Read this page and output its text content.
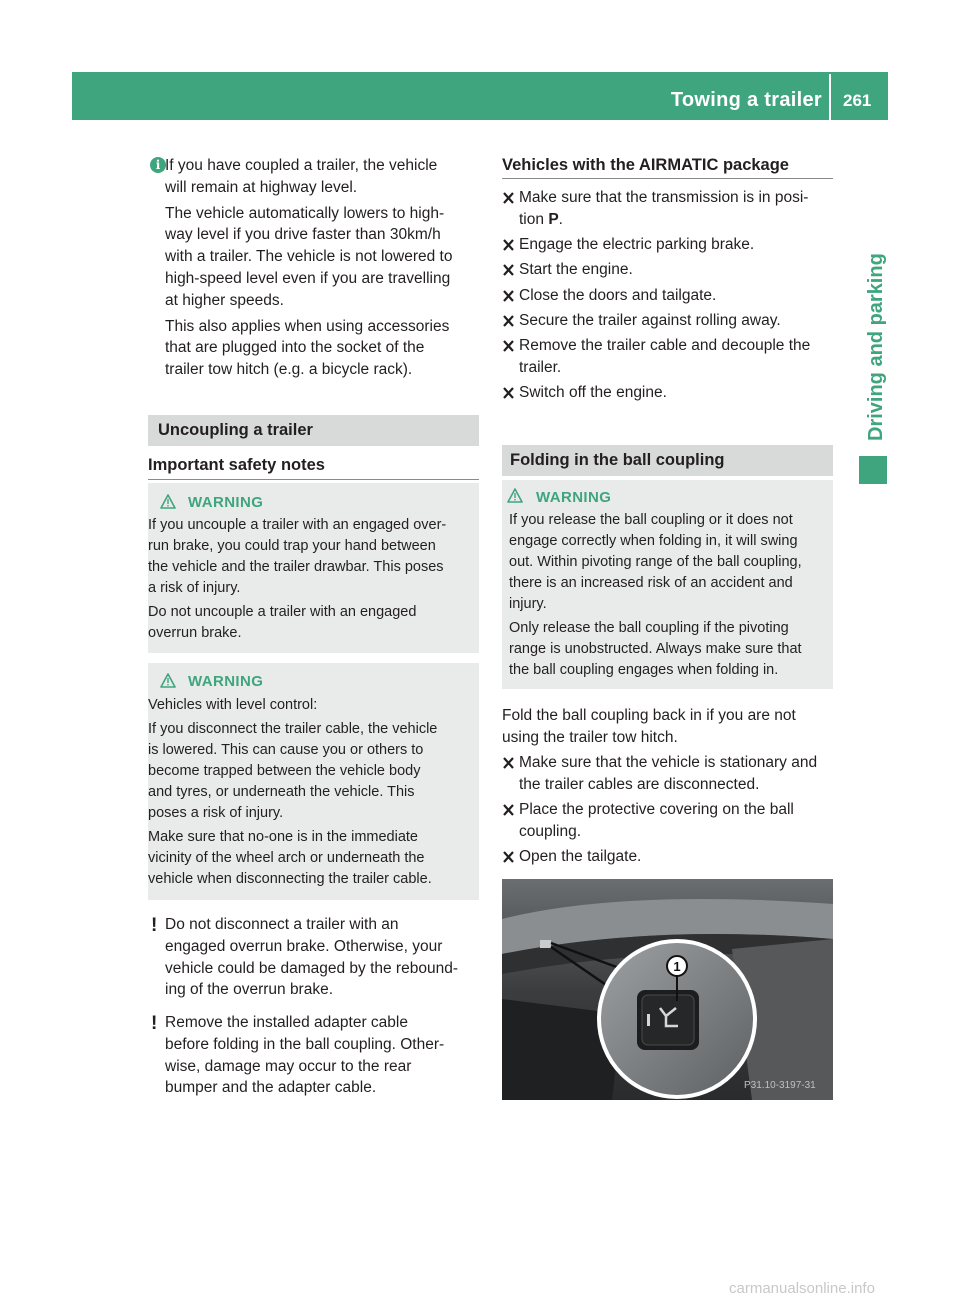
Towing a trailer 261
Driving and parking
i If you have coupled a trailer, the vehicle
will remain at highway level.
The vehicle automatically lowers to high-
way level if you drive faster than 30km/h
with a trailer. The vehicle is not lowered to
high-speed level even if you are travelling
at higher speeds.
This also applies when using accessories
that are plugged into the socket of the
trailer tow hitch (e.g. a bicycle rack).
Uncoupling a trailer
Important safety notes
WARNING
If you uncouple a trailer with an engaged over-
run brake, you could trap your hand between
the vehicle and the trailer drawbar. This poses
a risk of injury.
Do not uncouple a trailer with an engaged
overrun brake.
WARNING
Vehicles with level control:
If you disconnect the trailer cable, the vehicle
is lowered. This can cause you or others to
become trapped between the vehicle body
and tyres, or underneath the vehicle. This
poses a risk of injury.
Make sure that no-one is in the immediate
vicinity of the wheel arch or underneath the
vehicle when disconnecting the trailer cable.
! Do not disconnect a trailer with an
engaged overrun brake. Otherwise, your
vehicle could be damaged by the rebound-
ing of the overrun brake.
! Remove the installed adapter cable
before folding in the ball coupling. Other-
wise, damage may occur to the rear
bumper and the adapter cable.
Vehicles with the AIRMATIC package
Make sure that the transmission is in posi-
tion P.
Engage the electric parking brake.
Start the engine.
Close the doors and tailgate.
Secure the trailer against rolling away.
Remove the trailer cable and decouple the
trailer.
Switch off the engine.
Folding in the ball coupling
WARNING
If you release the ball coupling or it does not
engage correctly when folding in, it will swing
out. Within pivoting range of the ball coupling,
there is an increased risk of an accident and
injury.
Only release the ball coupling if the pivoting
range is unobstructed. Always make sure that
the ball coupling engages when folding in.
Fold the ball coupling back in if you are not
using the trailer tow hitch.
Make sure that the vehicle is stationary and
the trailer cables are disconnected.
Place the protective covering on the ball
coupling.
Open the tailgate.
1
P31.10-3197-31
carmanualsonline.info
